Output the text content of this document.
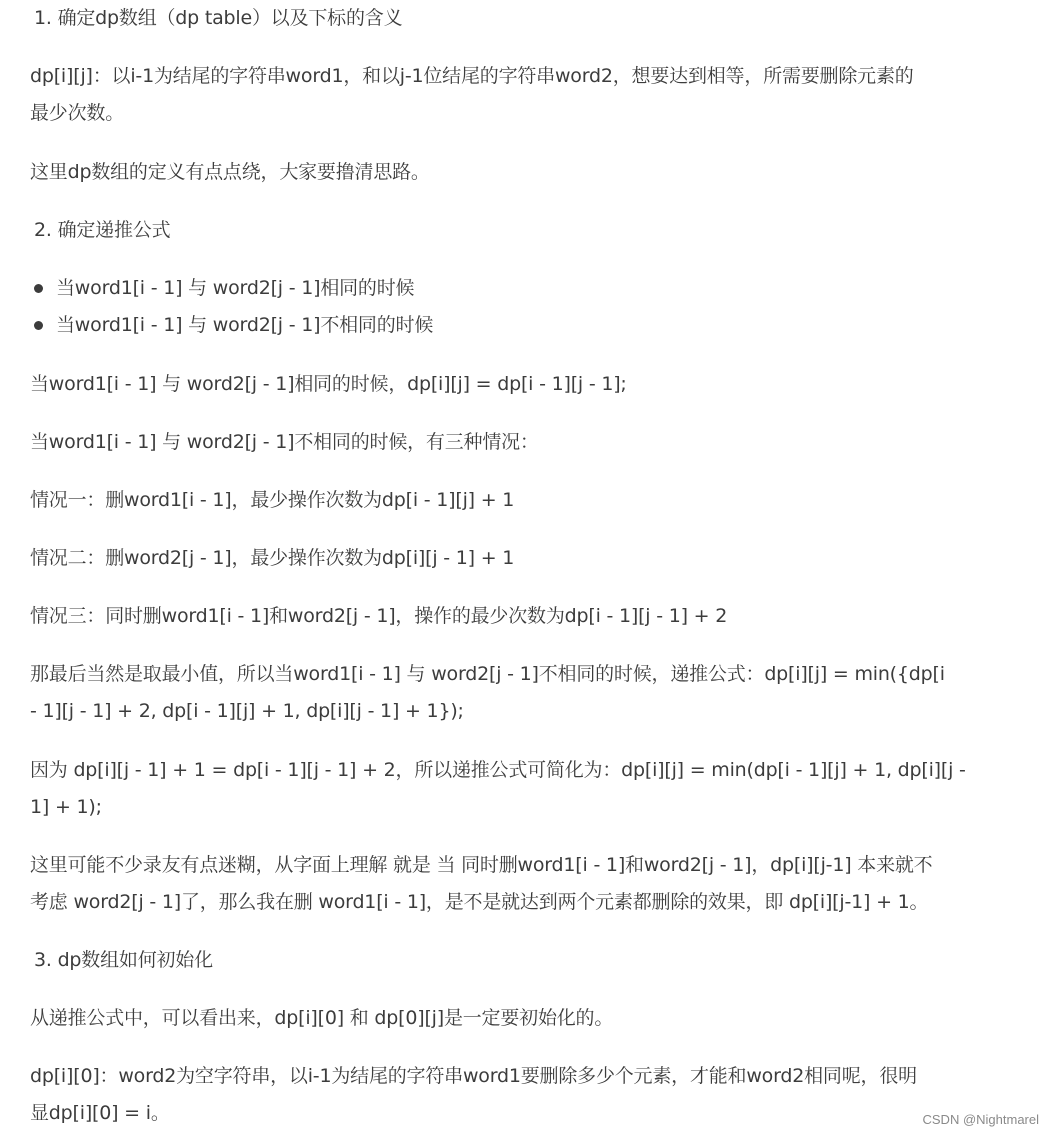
1. 确定dp数组（dp table）以及下标的含义
dp[i][j]：以i-1为结尾的字符串word1，和以j-1位结尾的字符串word2，想要达到相等，所需要删除元素的
最少次数。
这里dp数组的定义有点点绕，大家要撸清思路。
2. 确定递推公式
当word1[i - 1] 与 word2[j - 1]相同的时候
当word1[i - 1] 与 word2[j - 1]不相同的时候
当word1[i - 1] 与 word2[j - 1]相同的时候，dp[i][j] = dp[i - 1][j - 1];
当word1[i - 1] 与 word2[j - 1]不相同的时候，有三种情况：
情况一：删word1[i - 1]，最少操作次数为dp[i - 1][j] + 1
情况二：删word2[j - 1]，最少操作次数为dp[i][j - 1] + 1
情况三：同时删word1[i - 1]和word2[j - 1]，操作的最少次数为dp[i - 1][j - 1] + 2
那最后当然是取最小值，所以当word1[i - 1] 与 word2[j - 1]不相同的时候，递推公式：dp[i][j] = min({dp[i
- 1][j - 1] + 2, dp[i - 1][j] + 1, dp[i][j - 1] + 1});
因为 dp[i][j - 1] + 1 = dp[i - 1][j - 1] + 2，所以递推公式可简化为：dp[i][j] = min(dp[i - 1][j] + 1, dp[i][j -
1] + 1);
这里可能不少录友有点迷糊，从字面上理解 就是 当 同时删word1[i - 1]和word2[j - 1]，dp[i][j-1] 本来就不
考虑 word2[j - 1]了，那么我在删 word1[i - 1]，是不是就达到两个元素都删除的效果，即 dp[i][j-1] + 1。
3. dp数组如何初始化
从递推公式中，可以看出来，dp[i][0] 和 dp[0][j]是一定要初始化的。
dp[i][0]：word2为空字符串，以i-1为结尾的字符串word1要删除多少个元素，才能和word2相同呢，很明
显dp[i][0] = i。	CSDN @Nightmarel
